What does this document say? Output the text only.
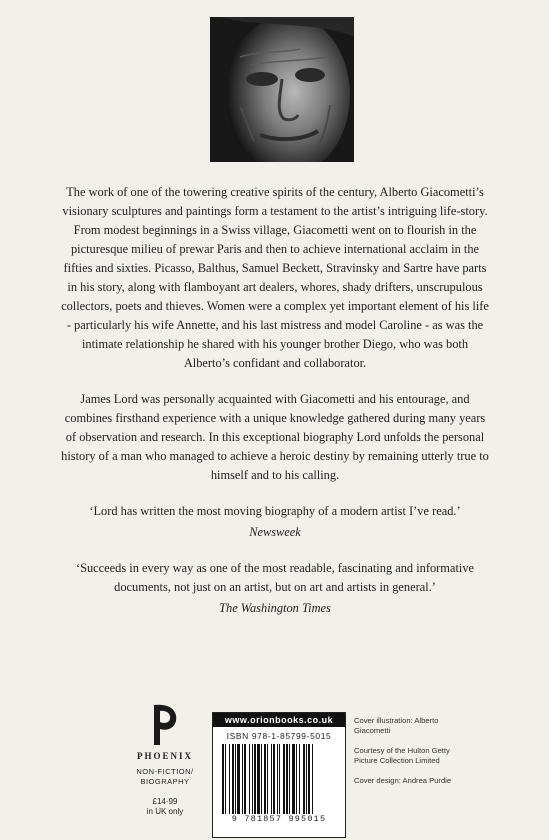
The work of one of the towering creative spirits of the century, Alberto Giacometti’s visionary sculptures and paintings form a testament to the artist’s intriguing life-story. From modest beginnings in a Swiss village, Giacometti went on to flourish in the picturesque milieu of prewar Paris and then to achieve international acclaim in the fifties and sixties. Picasso, Balthus, Samuel Beckett, Stravinsky and Sartre have parts in his story, along with flamboyant art dealers, whores, shady drifters, unscrupulous collectors, poets and thieves. Women were a complex yet important element of his life - particularly his wife Annette, and his last mistress and model Caroline - as was the intimate relationship he shared with his younger brother Diego, who was both Alberto’s confidant and collaborator.

James Lord was personally acquainted with Giacometti and his entourage, and combines firsthand experience with a unique knowledge gathered during many years of observation and research. In this exceptional biography Lord unfolds the personal history of a man who managed to achieve a heroic destiny by remaining utterly true to himself and to his calling.

‘Lord has written the most moving biography of a modern artist I’ve read.’

Newsweek

‘Succeeds in every way as one of the most readable, fascinating and informative documents, not just on an artist, but on art and artists in general.’

The Washington Times

PHOENIX
NON-FICTION/
BIOGRAPHY
£14·99
in UK only
www.orionbooks.co.uk
ISBN 978-1-85799-5015
9 781857 995015
Cover illustration: Alberto Giacometti
Courtesy of the Hulton Getty Picture Collection Limited
Cover design: Andrea Purdie
